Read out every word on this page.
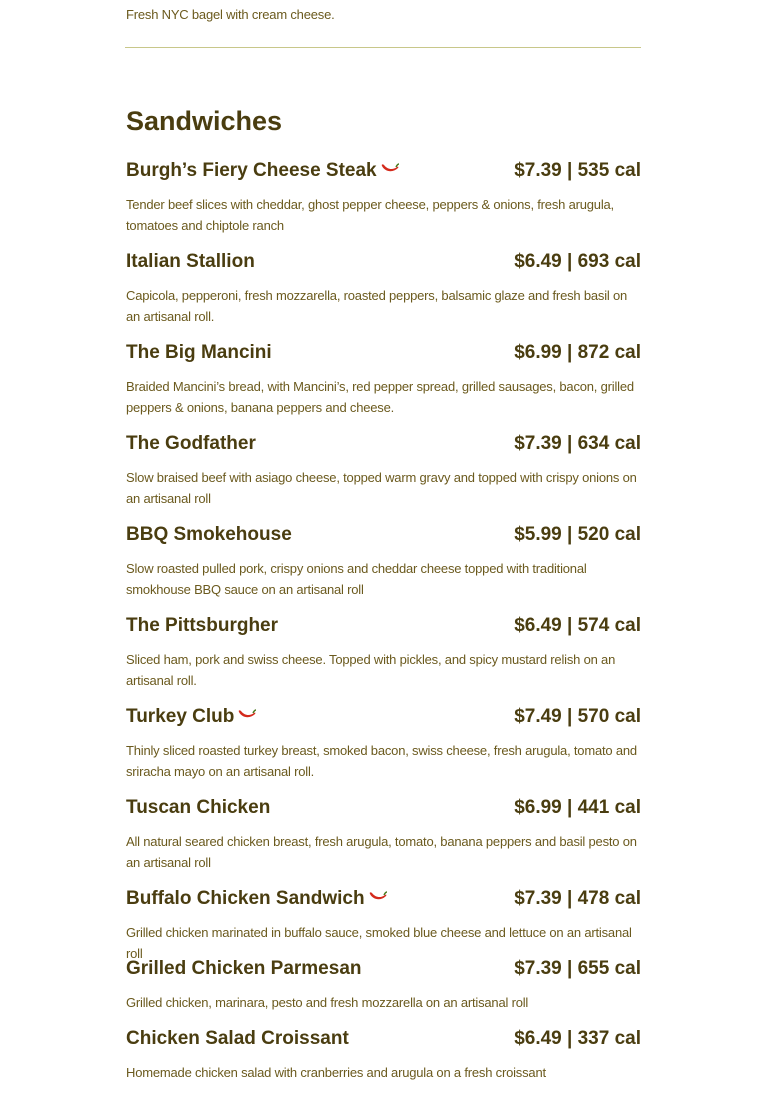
Fresh NYC bagel with cream cheese.
Sandwiches
Burgh’s Fiery Cheese Steak	$7.39 | 535 cal
Tender beef slices with cheddar, ghost pepper cheese, peppers & onions, fresh arugula, tomatoes and chiptole ranch
Italian Stallion	$6.49 | 693 cal
Capicola, pepperoni, fresh mozzarella, roasted peppers, balsamic glaze and fresh basil on an artisanal roll.
The Big Mancini	$6.99 | 872 cal
Braided Mancini’s bread, with Mancini’s, red pepper spread, grilled sausages, bacon, grilled peppers & onions, banana peppers and cheese.
The Godfather	$7.39 | 634 cal
Slow braised beef with asiago cheese, topped warm gravy and topped with crispy onions on an artisanal roll
BBQ Smokehouse	$5.99 | 520 cal
Slow roasted pulled pork, crispy onions and cheddar cheese topped with traditional smokhouse BBQ sauce on an artisanal roll
The Pittsburgher	$6.49 | 574 cal
Sliced ham, pork and swiss cheese. Topped with pickles, and spicy mustard relish on an artisanal roll.
Turkey Club	$7.49 | 570 cal
Thinly sliced roasted turkey breast, smoked bacon, swiss cheese, fresh arugula, tomato and sriracha mayo on an artisanal roll.
Tuscan Chicken	$6.99 | 441 cal
All natural seared chicken breast, fresh arugula, tomato, banana peppers and basil pesto on an artisanal roll
Buffalo Chicken Sandwich	$7.39 | 478 cal
Grilled chicken marinated in buffalo sauce, smoked blue cheese and lettuce on an artisanal roll
Grilled Chicken Parmesan	$7.39 | 655 cal
Grilled chicken, marinara, pesto and fresh mozzarella on an artisanal roll
Chicken Salad Croissant	$6.49 | 337 cal
Homemade chicken salad with cranberries and arugula on a fresh croissant
